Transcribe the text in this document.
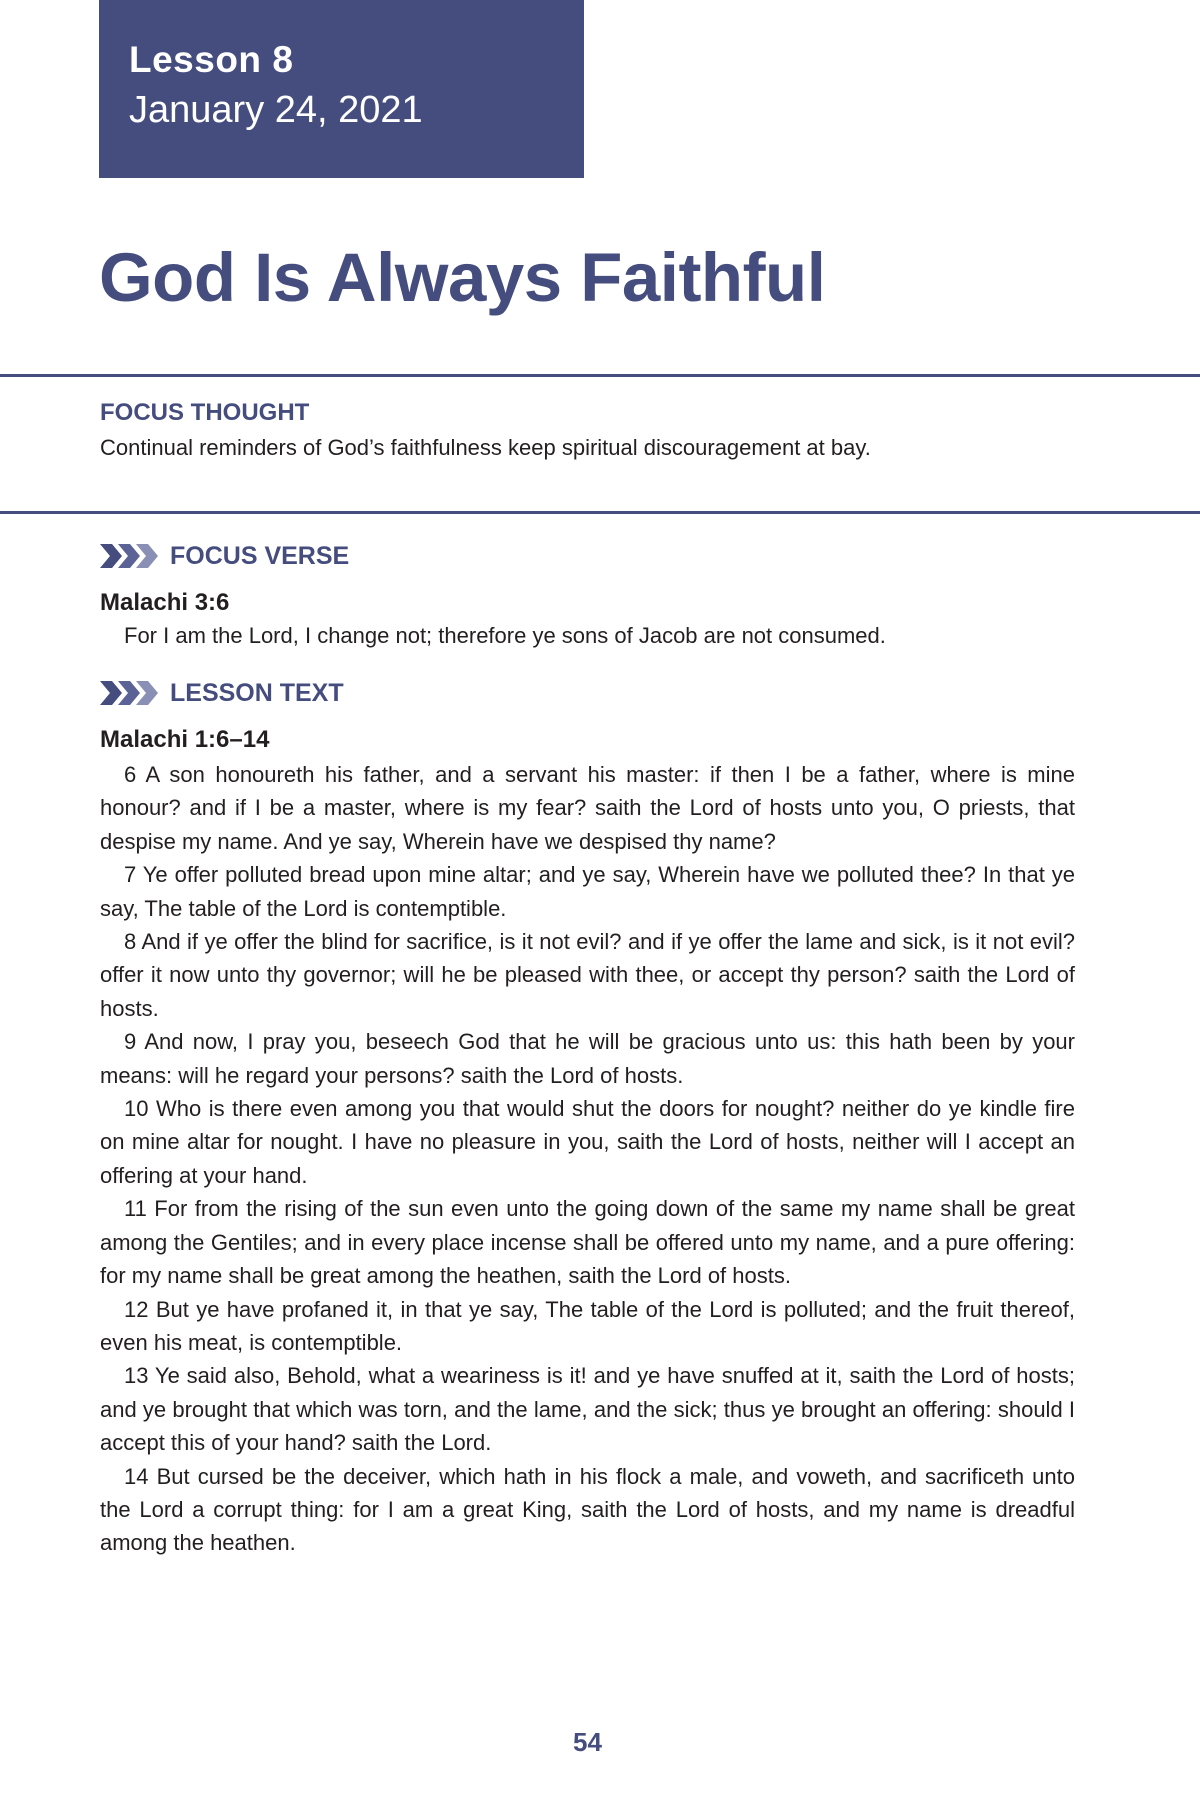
Lesson 8
January 24, 2021
God Is Always Faithful
FOCUS THOUGHT
Continual reminders of God’s faithfulness keep spiritual discouragement at bay.
FOCUS VERSE
Malachi 3:6
For I am the Lord, I change not; therefore ye sons of Jacob are not consumed.
LESSON TEXT
Malachi 1:6–14

6 A son honoureth his father, and a servant his master: if then I be a father, where is mine honour? and if I be a master, where is my fear? saith the Lord of hosts unto you, O priests, that despise my name. And ye say, Wherein have we despised thy name?

7 Ye offer polluted bread upon mine altar; and ye say, Wherein have we polluted thee? In that ye say, The table of the Lord is contemptible.

8 And if ye offer the blind for sacrifice, is it not evil? and if ye offer the lame and sick, is it not evil? offer it now unto thy governor; will he be pleased with thee, or accept thy person? saith the Lord of hosts.

9 And now, I pray you, beseech God that he will be gracious unto us: this hath been by your means: will he regard your persons? saith the Lord of hosts.

10 Who is there even among you that would shut the doors for nought? neither do ye kindle fire on mine altar for nought. I have no pleasure in you, saith the Lord of hosts, neither will I accept an offering at your hand.

11 For from the rising of the sun even unto the going down of the same my name shall be great among the Gentiles; and in every place incense shall be offered unto my name, and a pure offering: for my name shall be great among the heathen, saith the Lord of hosts.

12 But ye have profaned it, in that ye say, The table of the Lord is polluted; and the fruit thereof, even his meat, is contemptible.

13 Ye said also, Behold, what a weariness is it! and ye have snuffed at it, saith the Lord of hosts; and ye brought that which was torn, and the lame, and the sick; thus ye brought an offering: should I accept this of your hand? saith the Lord.

14 But cursed be the deceiver, which hath in his flock a male, and voweth, and sacrificeth unto the Lord a corrupt thing: for I am a great King, saith the Lord of hosts, and my name is dreadful among the heathen.

54
